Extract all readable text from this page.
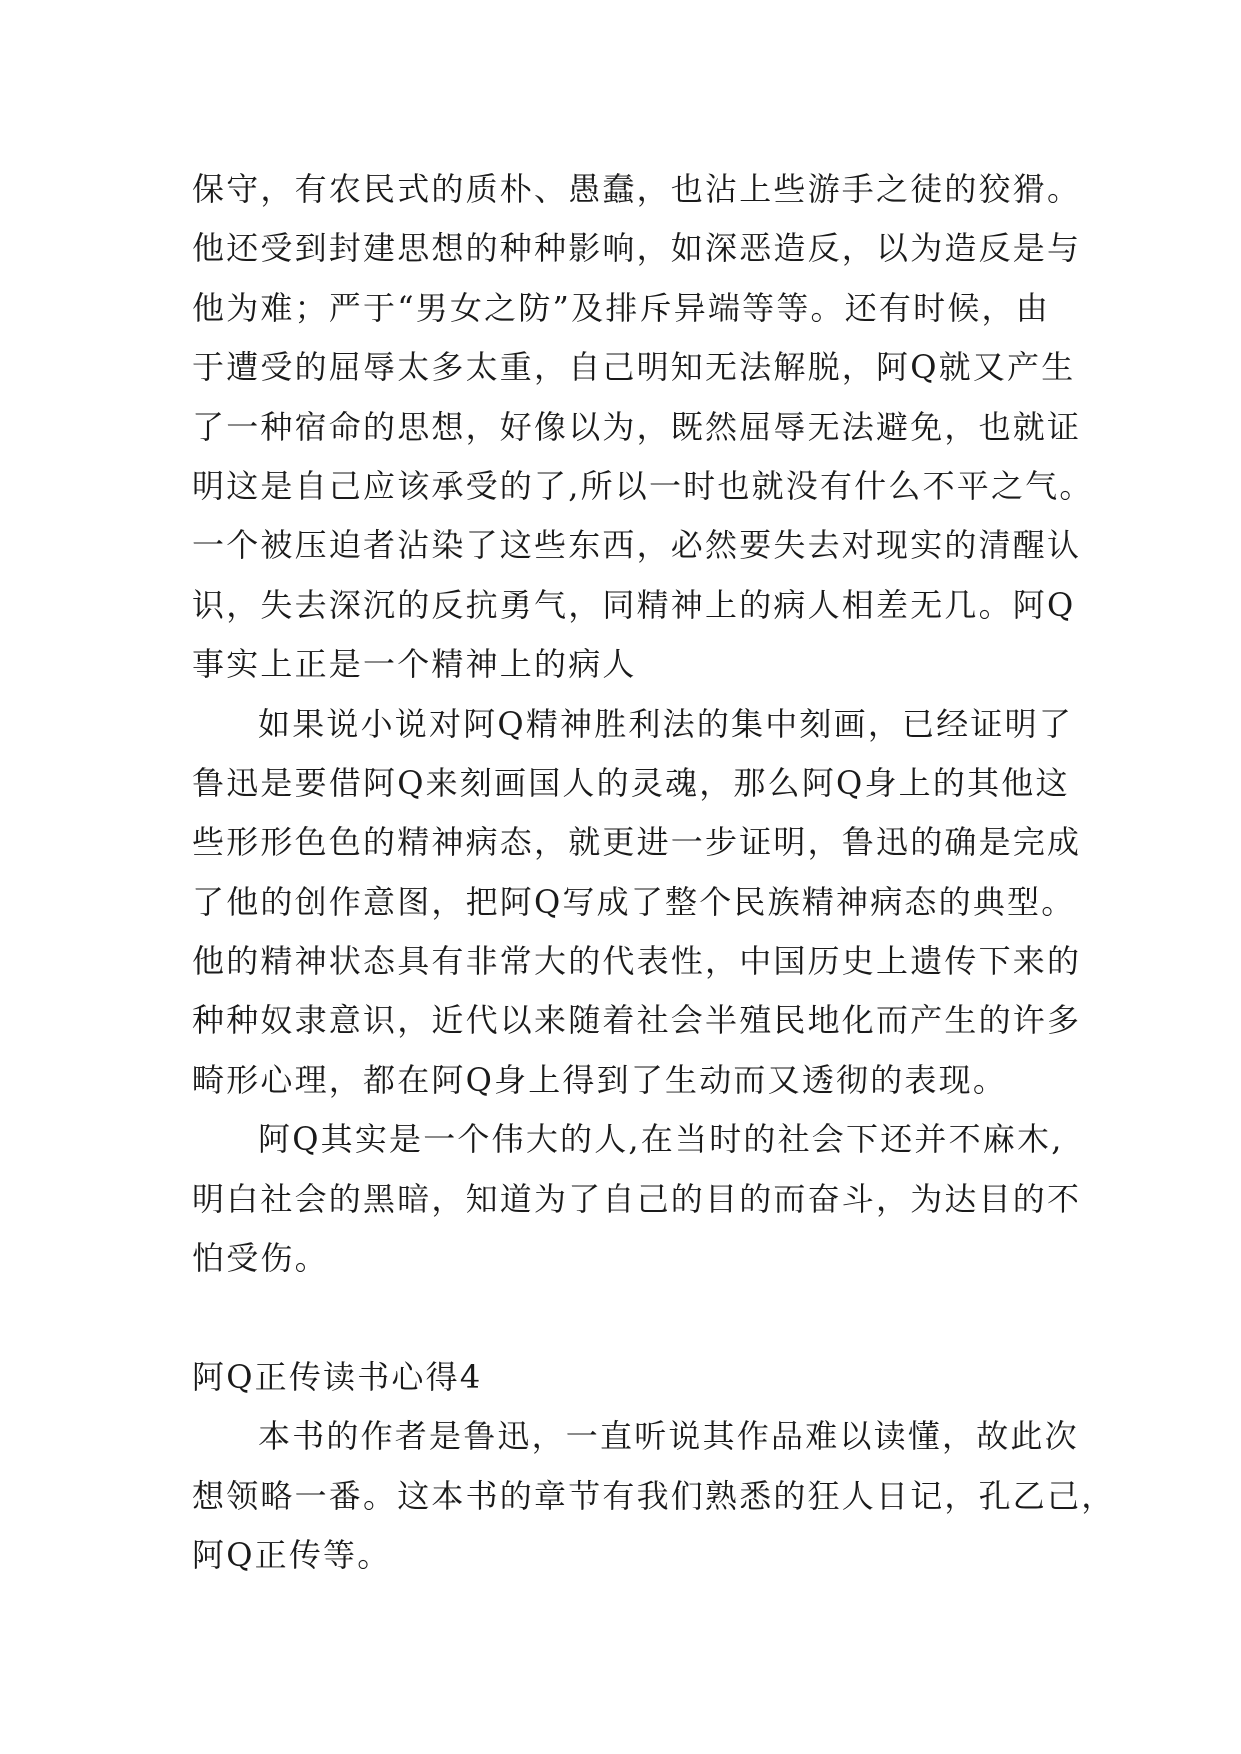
保守，有农民式的质朴、愚蠢，也沾上些游手之徒的狡猾。
他还受到封建思想的种种影响，如深恶造反，以为造反是与
他为难；严于“男女之防”及排斥异端等等。还有时候，由
于遭受的屈辱太多太重，自己明知无法解脱，阿Q就又产生
了一种宿命的思想，好像以为，既然屈辱无法避免，也就证
明这是自己应该承受的了,所以一时也就没有什么不平之气。
一个被压迫者沾染了这些东西，必然要失去对现实的清醒认
识，失去深沉的反抗勇气，同精神上的病人相差无几。阿Q
事实上正是一个精神上的病人
如果说小说对阿Q精神胜利法的集中刻画，已经证明了
鲁迅是要借阿Q来刻画国人的灵魂，那么阿Q身上的其他这
些形形色色的精神病态，就更进一步证明，鲁迅的确是完成
了他的创作意图，把阿Q写成了整个民族精神病态的典型。
他的精神状态具有非常大的代表性，中国历史上遗传下来的
种种奴隶意识，近代以来随着社会半殖民地化而产生的许多
畸形心理，都在阿Q身上得到了生动而又透彻的表现。
阿Q其实是一个伟大的人,在当时的社会下还并不麻木,
明白社会的黑暗，知道为了自己的目的而奋斗，为达目的不
怕受伤。
阿Q正传读书心得4
本书的作者是鲁迅，一直听说其作品难以读懂，故此次
想领略一番。这本书的章节有我们熟悉的狂人日记，孔乙己，
阿Q正传等。
